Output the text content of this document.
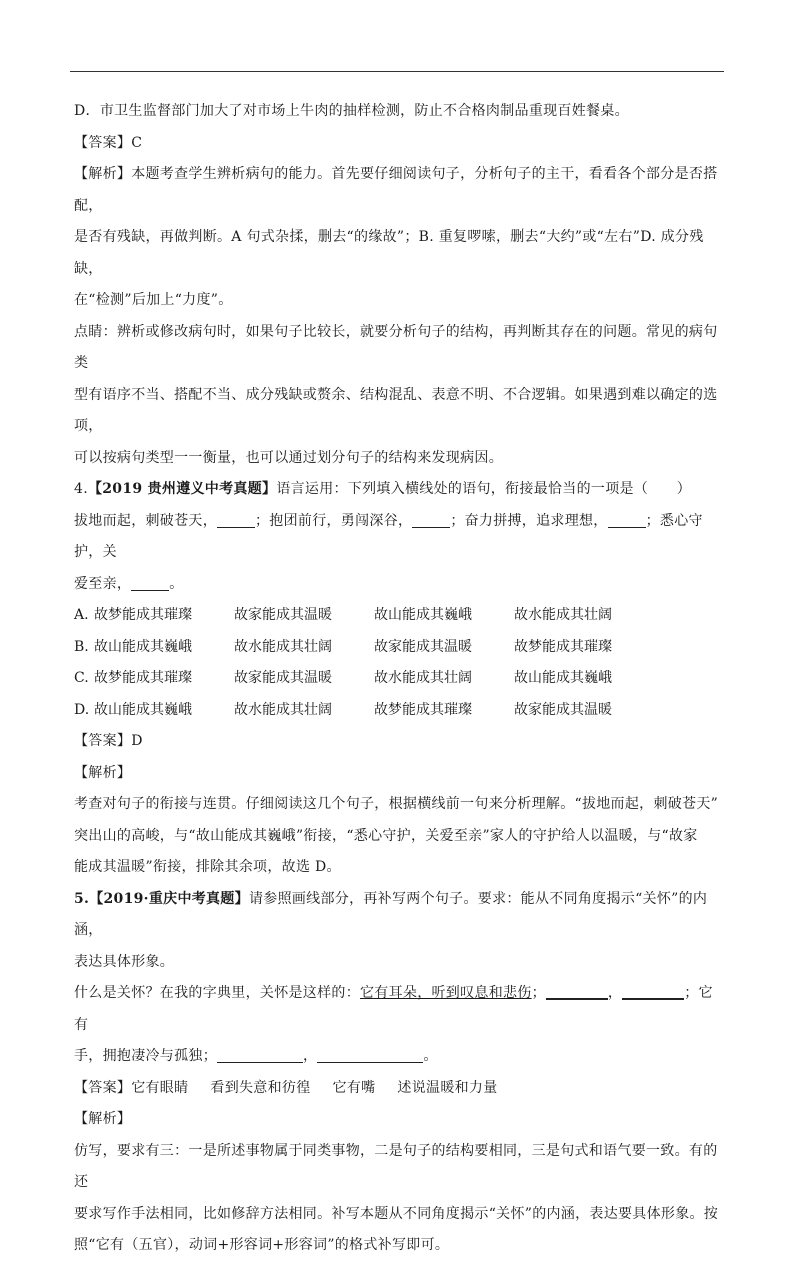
D．市卫生监督部门加大了对市场上牛肉的抽样检测，防止不合格肉制品重现百姓餐桌。

【答案】C

【解析】本题考查学生辨析病句的能力。首先要仔细阅读句子，分析句子的主干，看看各个部分是否搭配，

是否有残缺，再做判断。A 句式杂揉，删去“的缘故”；B. 重复啰嗦，删去“大约”或“左右”D. 成分残缺，

在“检测”后加上“力度”。

点睛：辨析或修改病句时，如果句子比较长，就要分析句子的结构，再判断其存在的问题。常见的病句类

型有语序不当、搭配不当、成分残缺或赘余、结构混乱、表意不明、不合逻辑。如果遇到难以确定的选项，

可以按病句类型一一衡量，也可以通过划分句子的结构来发现病因。

4.【2019 贵州遵义中考真题】语言运用：下列填入横线处的语句，衔接最恰当的一项是（　　）

拔地而起，刺破苍天，	；抱团前行，勇闯深谷，	；奋力拼搏，追求理想，	；悉心守护，关

爱至亲，	。

A. 故梦能成其璀璨	故家能成其温暖	故山能成其巍峨	故水能成其壮阔
B. 故山能成其巍峨	故水能成其壮阔	故家能成其温暖	故梦能成其璀璨
C. 故梦能成其璀璨	故家能成其温暖	故水能成其壮阔	故山能成其巍峨
D. 故山能成其巍峨	故水能成其壮阔	故梦能成其璀璨	故家能成其温暖

【答案】D

【解析】

考查对句子的衔接与连贯。仔细阅读这几个句子，根据横线前一句来分析理解。“拔地而起，刺破苍天”

突出山的高峻，与“故山能成其巍峨”衔接，“悉心守护，关爱至亲”家人的守护给人以温暖，与“故家

能成其温暖”衔接，排除其余项，故选 D。

5.【2019·重庆中考真题】请参照画线部分，再补写两个句子。要求：能从不同角度揭示“关怀”的内涵，

表达具体形象。

什么是关怀？在我的字典里，关怀是这样的：它有耳朵，听到叹息和悲伤；	，	；它有

手，拥抱凄冷与孤独；	，	。

【答案】它有眼睛 看到失意和彷徨 它有嘴 述说温暖和力量

【解析】

仿写，要求有三：一是所述事物属于同类事物，二是句子的结构要相同，三是句式和语气要一致。有的还

要求写作手法相同，比如修辞方法相同。补写本题从不同角度揭示“关怀”的内涵，表达要具体形象。按

照“它有（五官），动词+形容词+形容词”的格式补写即可。
